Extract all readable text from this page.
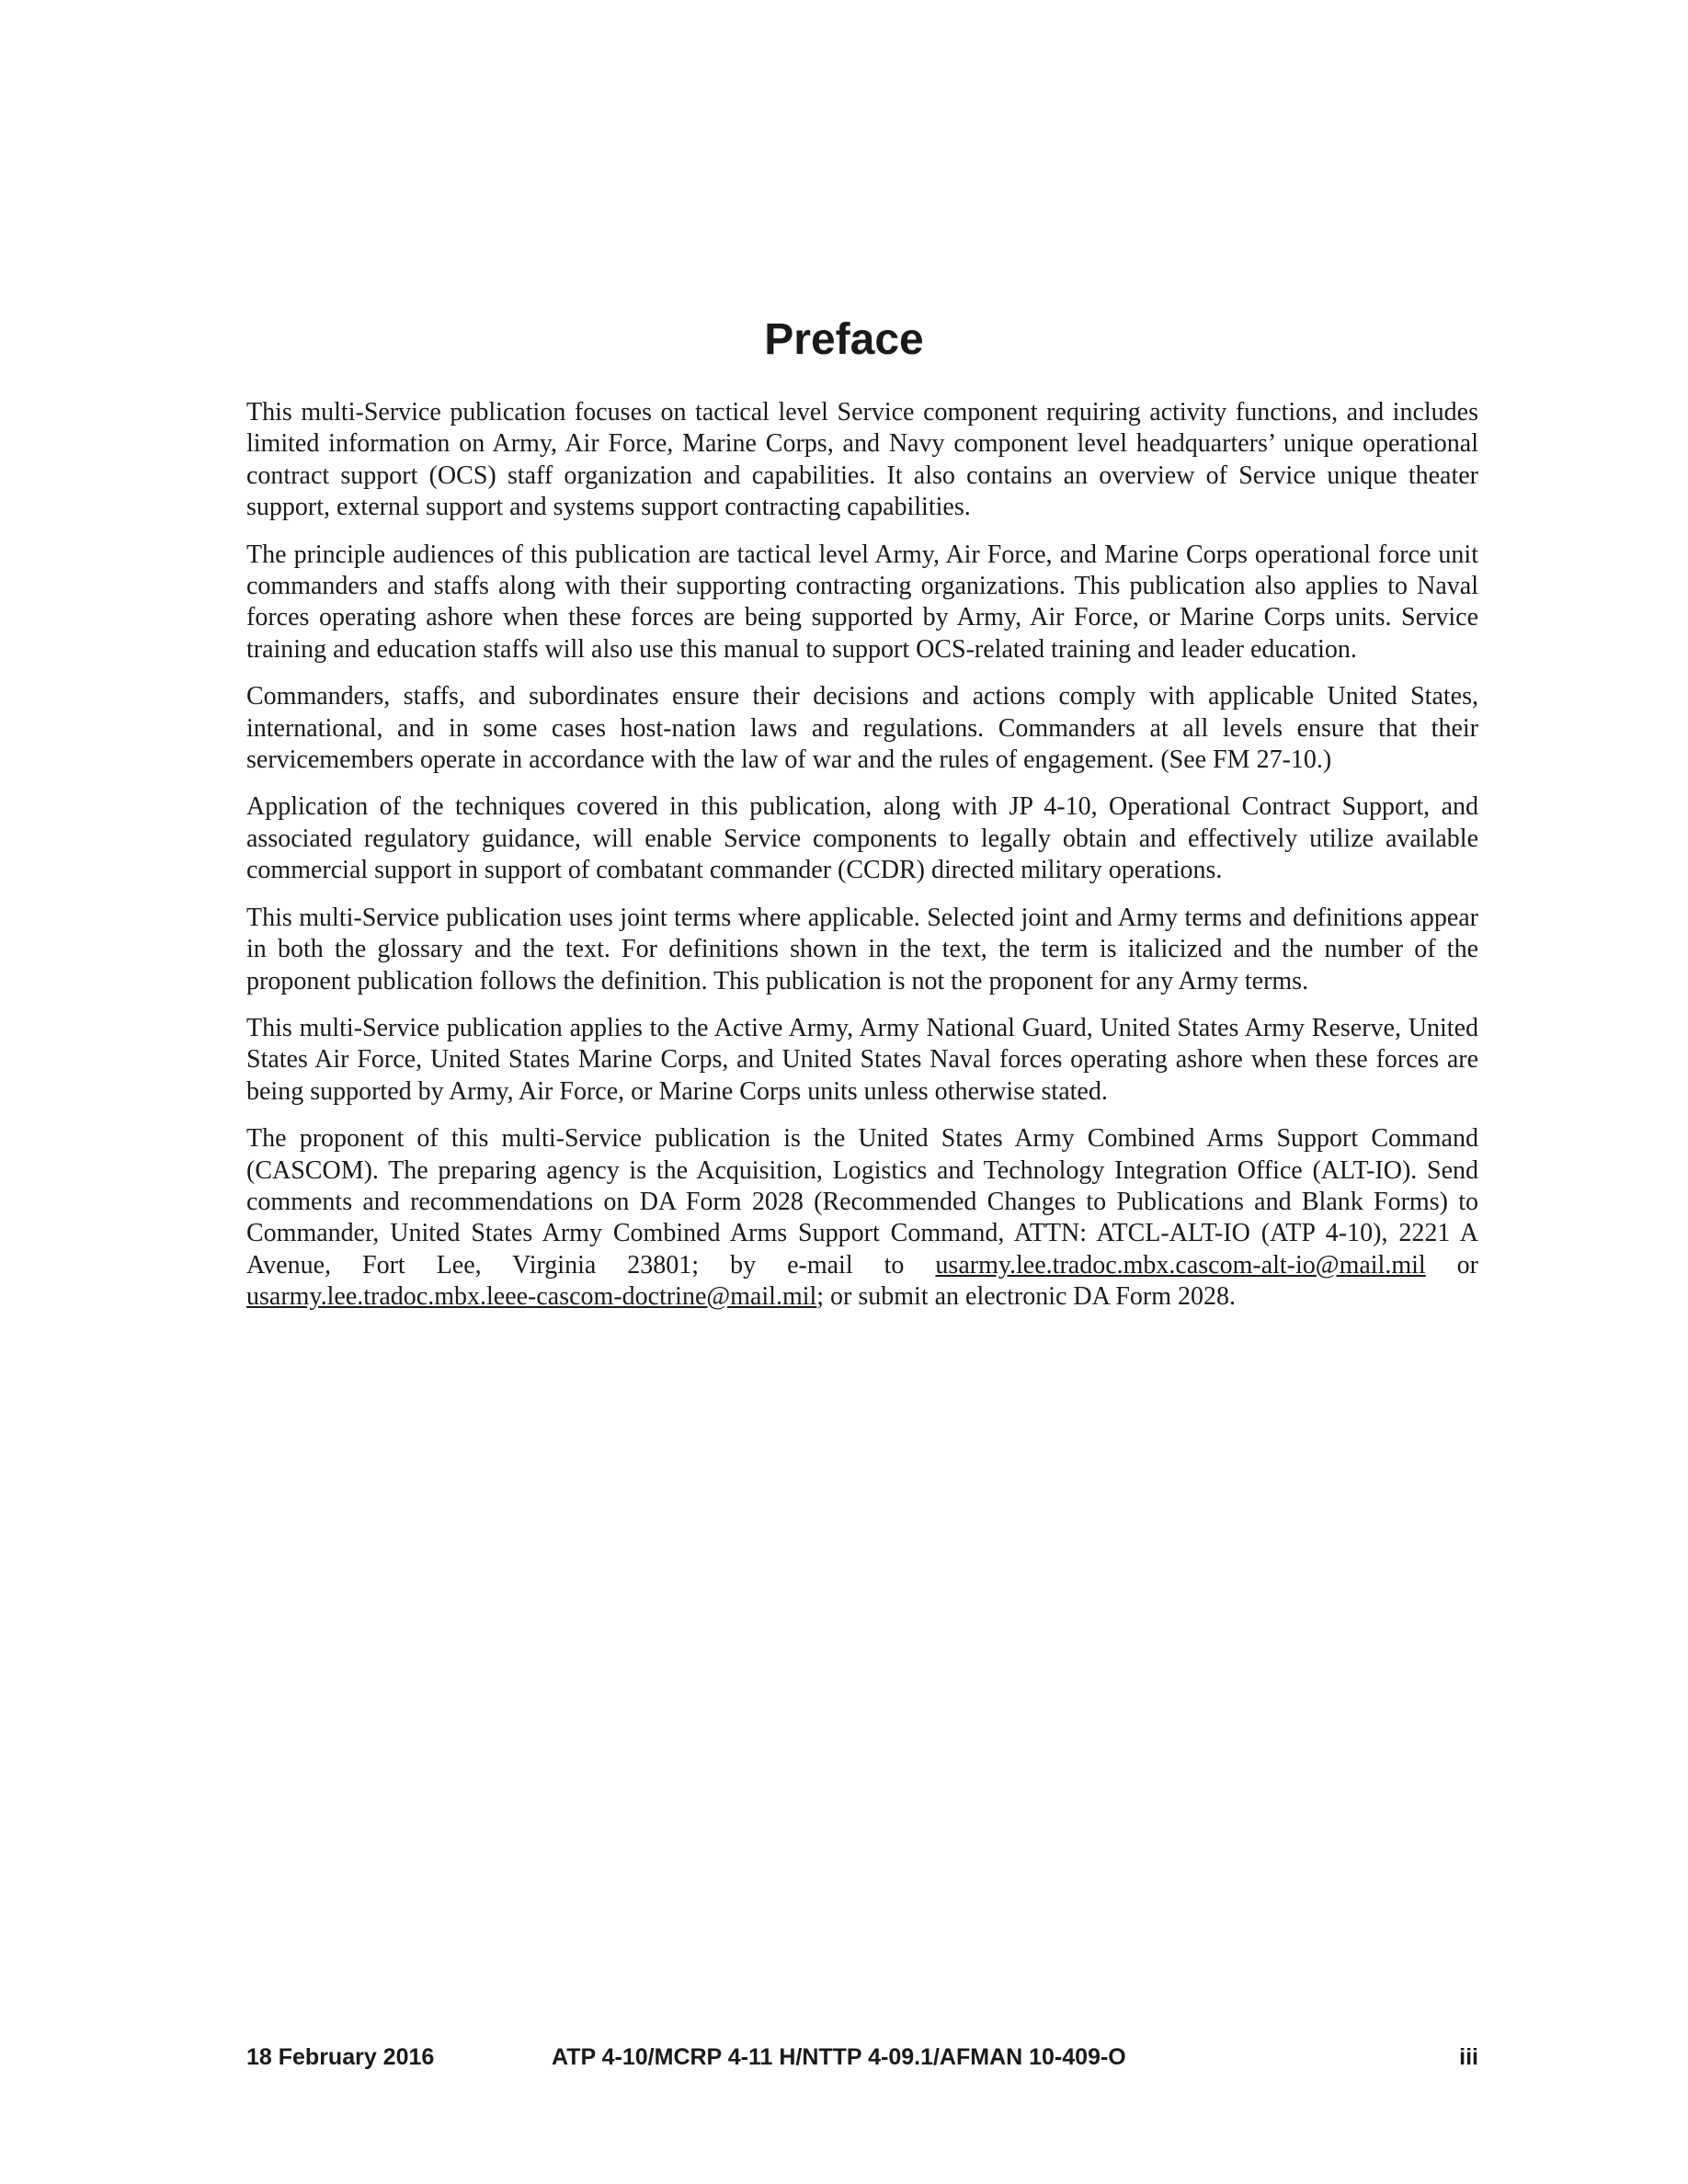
Preface

This multi-Service publication focuses on tactical level Service component requiring activity functions, and includes limited information on Army, Air Force, Marine Corps, and Navy component level headquarters’ unique operational contract support (OCS) staff organization and capabilities. It also contains an overview of Service unique theater support, external support and systems support contracting capabilities.

The principle audiences of this publication are tactical level Army, Air Force, and Marine Corps operational force unit commanders and staffs along with their supporting contracting organizations. This publication also applies to Naval forces operating ashore when these forces are being supported by Army, Air Force, or Marine Corps units. Service training and education staffs will also use this manual to support OCS-related training and leader education.

Commanders, staffs, and subordinates ensure their decisions and actions comply with applicable United States, international, and in some cases host-nation laws and regulations. Commanders at all levels ensure that their servicemembers operate in accordance with the law of war and the rules of engagement. (See FM 27-10.)

Application of the techniques covered in this publication, along with JP 4-10, Operational Contract Support, and associated regulatory guidance, will enable Service components to legally obtain and effectively utilize available commercial support in support of combatant commander (CCDR) directed military operations.

This multi-Service publication uses joint terms where applicable. Selected joint and Army terms and definitions appear in both the glossary and the text. For definitions shown in the text, the term is italicized and the number of the proponent publication follows the definition. This publication is not the proponent for any Army terms.

This multi-Service publication applies to the Active Army, Army National Guard, United States Army Reserve, United States Air Force, United States Marine Corps, and United States Naval forces operating ashore when these forces are being supported by Army, Air Force, or Marine Corps units unless otherwise stated.

The proponent of this multi-Service publication is the United States Army Combined Arms Support Command (CASCOM). The preparing agency is the Acquisition, Logistics and Technology Integration Office (ALT-IO). Send comments and recommendations on DA Form 2028 (Recommended Changes to Publications and Blank Forms) to Commander, United States Army Combined Arms Support Command, ATTN: ATCL-ALT-IO (ATP 4-10), 2221 A Avenue, Fort Lee, Virginia 23801; by e-mail to usarmy.lee.tradoc.mbx.cascom-alt-io@mail.mil or usarmy.lee.tradoc.mbx.leee-cascom-doctrine@mail.mil; or submit an electronic DA Form 2028.

18 February 2016	ATP 4-10/MCRP 4-11 H/NTTP 4-09.1/AFMAN 10-409-O	iii
